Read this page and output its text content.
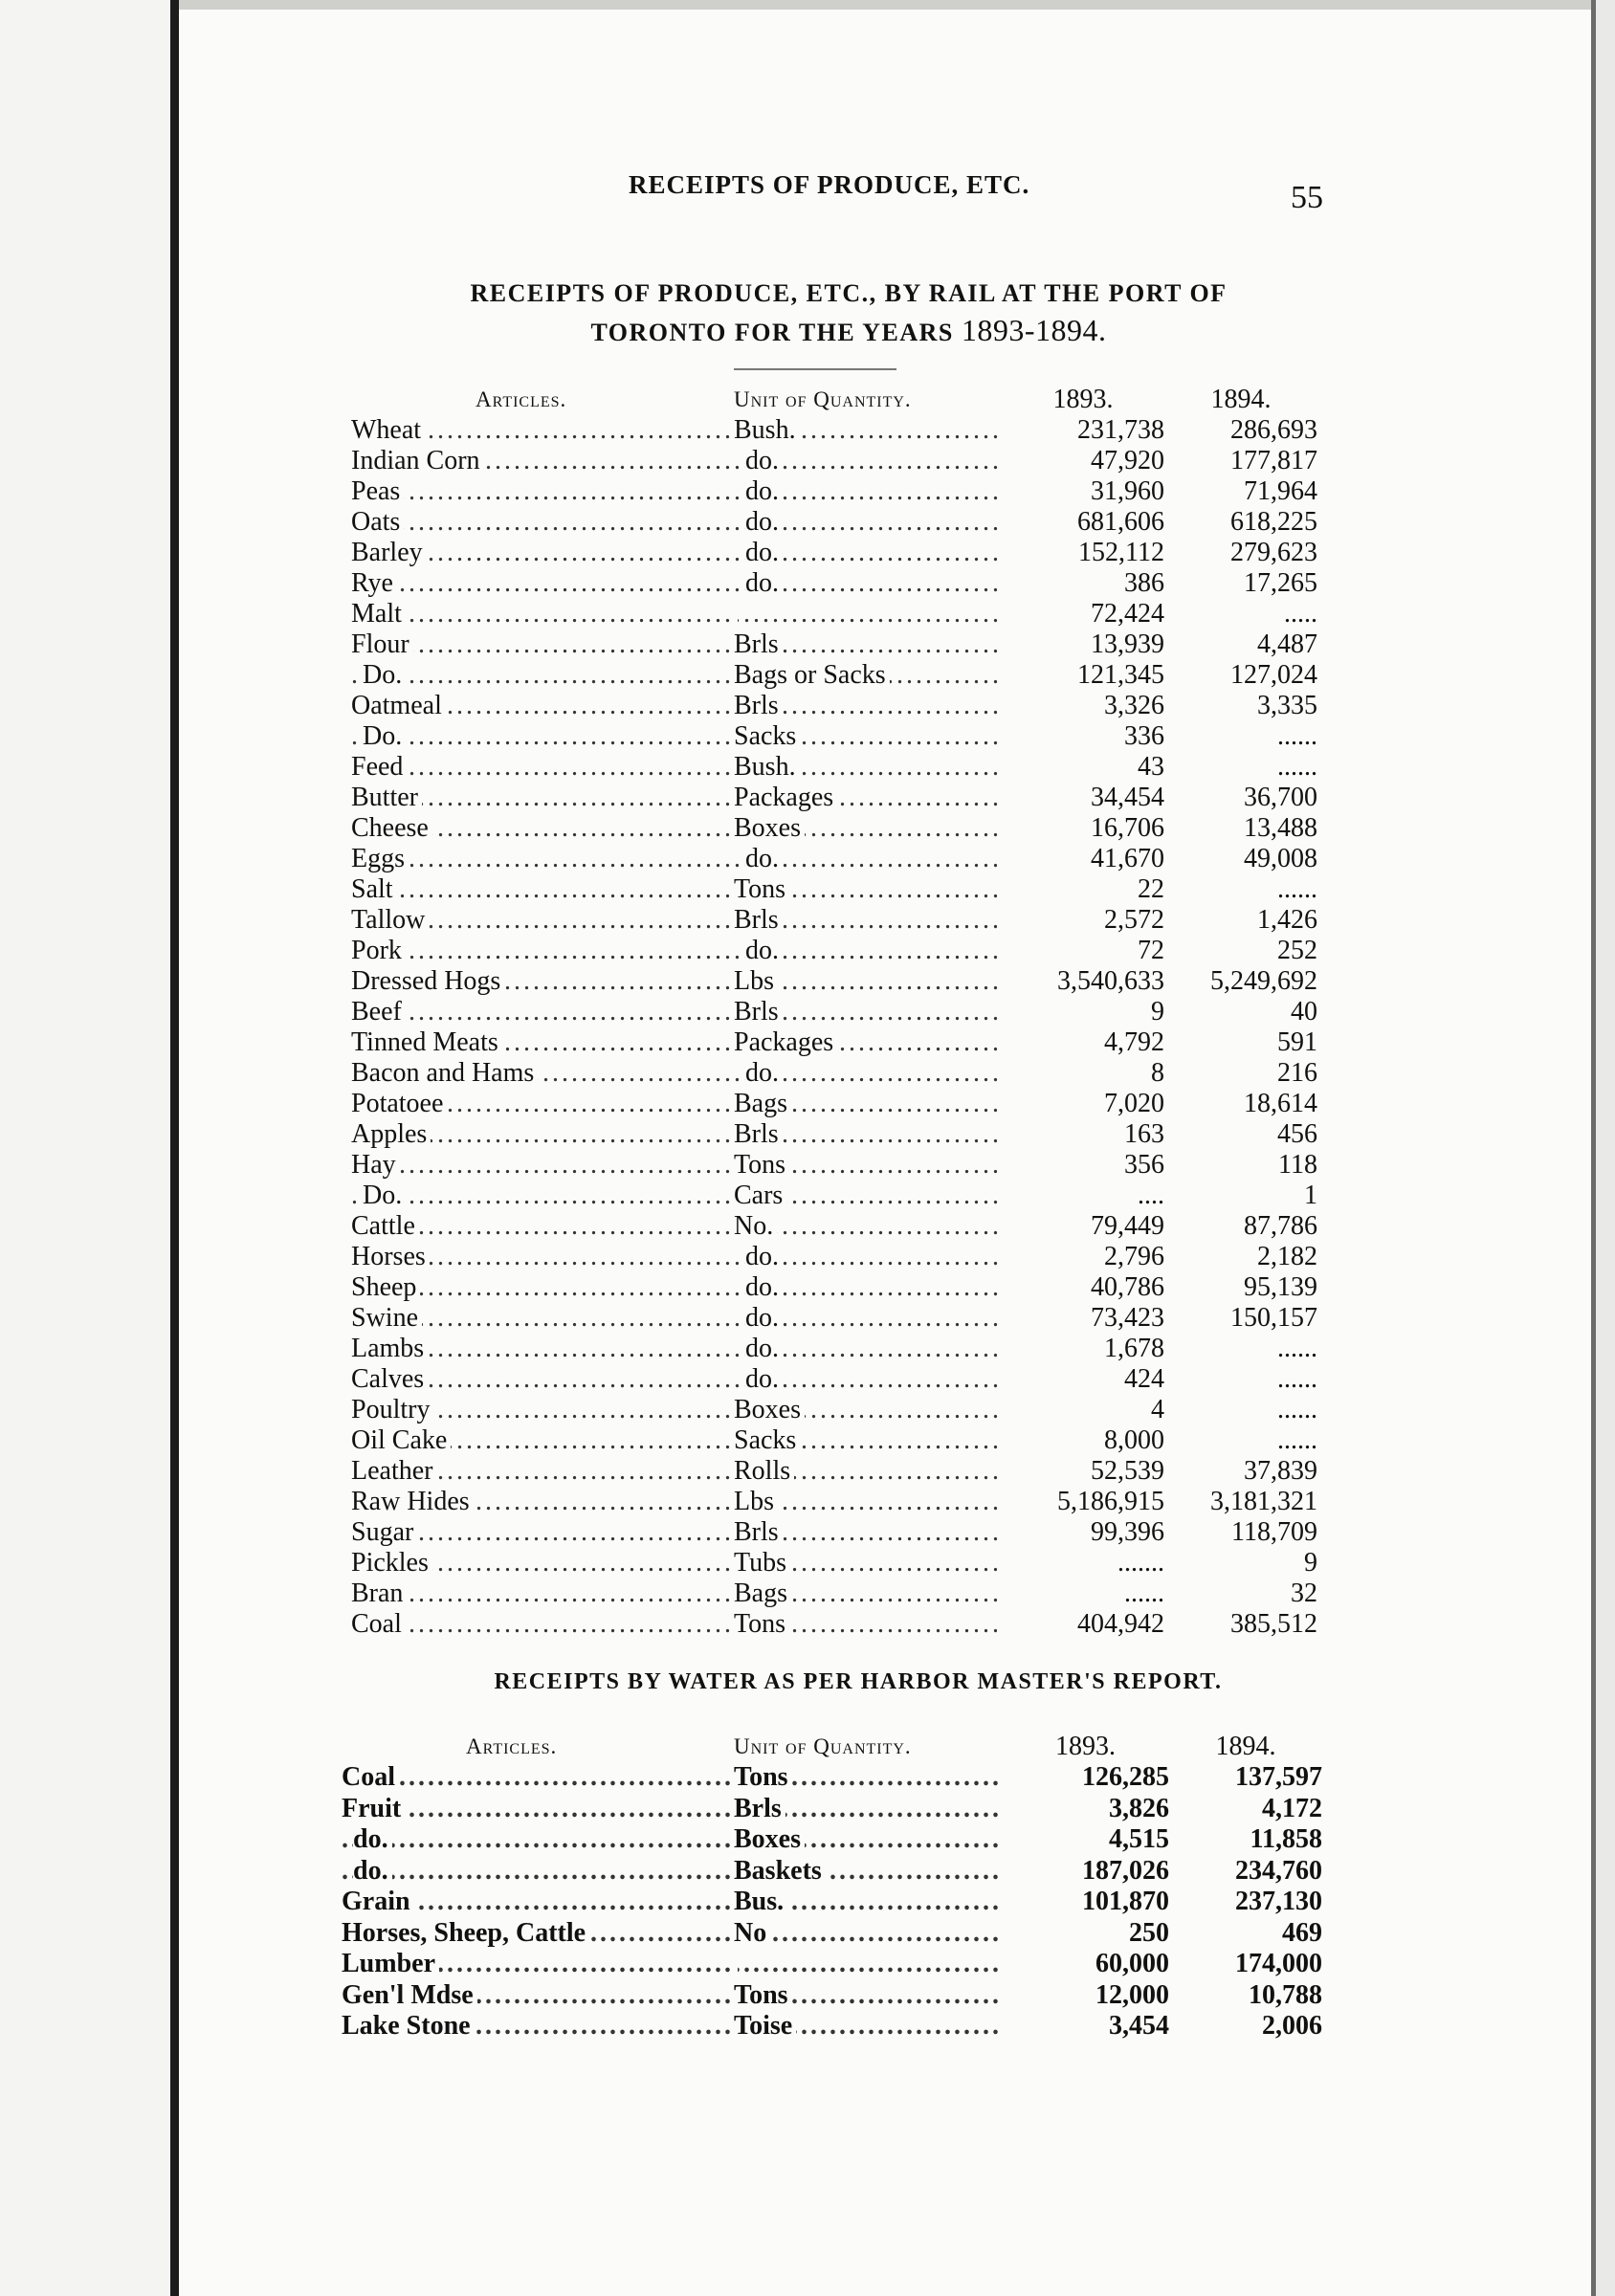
RECEIPTS OF PRODUCE, ETC.	55
RECEIPTS OF PRODUCE, ETC., BY RAIL AT THE PORT OF
TORONTO FOR THE YEARS 1893-1894.
Articles.	Unit of Quantity.	1893.	1894.
Wheat .....	Bush. .....	231,738	286,693
Indian Corn .....	do. .....	47,920	177,817
Peas .....	do. .....	31,960	71,964
Oats .....	do. .....	681,606	618,225
Barley .....	do. .....	152,112	279,623
Rye .....	do. .....	386	17,265
Malt .....	.....	72,424	.....
Flour .....	Brls .....	13,939	4,487
Do. .....	Bags or Sacks .....	121,345	127,024
Oatmeal .....	Brls .....	3,326	3,335
Do. .....	Sacks .....	336	......
Feed .....	Bush. .....	43	......
Butter .....	Packages .....	34,454	36,700
Cheese .....	Boxes .....	16,706	13,488
Eggs .....	do. .....	41,670	49,008
Salt .....	Tons .....	22	......
Tallow .....	Brls .....	2,572	1,426
Pork .....	do. .....	72	252
Dressed Hogs .....	Lbs .....	3,540,633	5,249,692
Beef .....	Brls .....	9	40
Tinned Meats .....	Packages .....	4,792	591
Bacon and Hams .....	do. .....	8	216
Potatoee .....	Bags .....	7,020	18,614
Apples .....	Brls .....	163	456
Hay .....	Tons .....	356	118
Do. .....	Cars .....	....	1
Cattle .....	No. .....	79,449	87,786
Horses .....	do. .....	2,796	2,182
Sheep .....	do. .....	40,786	95,139
Swine .....	do. .....	73,423	150,157
Lambs .....	do. .....	1,678	......
Calves .....	do. .....	424	......
Poultry .....	Boxes .....	4	......
Oil Cake .....	Sacks .....	8,000	......
Leather .....	Rolls .....	52,539	37,839
Raw Hides .....	Lbs .....	5,186,915	3,181,321
Sugar .....	Brls .....	99,396	118,709
Pickles .....	Tubs .....	.......	9
Bran .....	Bags .....	......	32
Coal .....	Tons .....	404,942	385,512
RECEIPTS BY WATER AS PER HARBOR MASTER'S REPORT.
Articles.	Unit of Quantity.	1893.	1894.
Coal .....	Tons .....	126,285	137,597
Fruit .....	Brls .....	3,826	4,172
do. .....	Boxes .....	4,515	11,858
do. .....	Baskets .....	187,026	234,760
Grain .....	Bus. .....	101,870	237,130
Horses, Sheep, Cattle .....	No .....	250	469
Lumber .....	.....	60,000	174,000
Gen'l Mdse .....	Tons .....	12,000	10,788
Lake Stone .....	Toise .....	3,454	2,006
